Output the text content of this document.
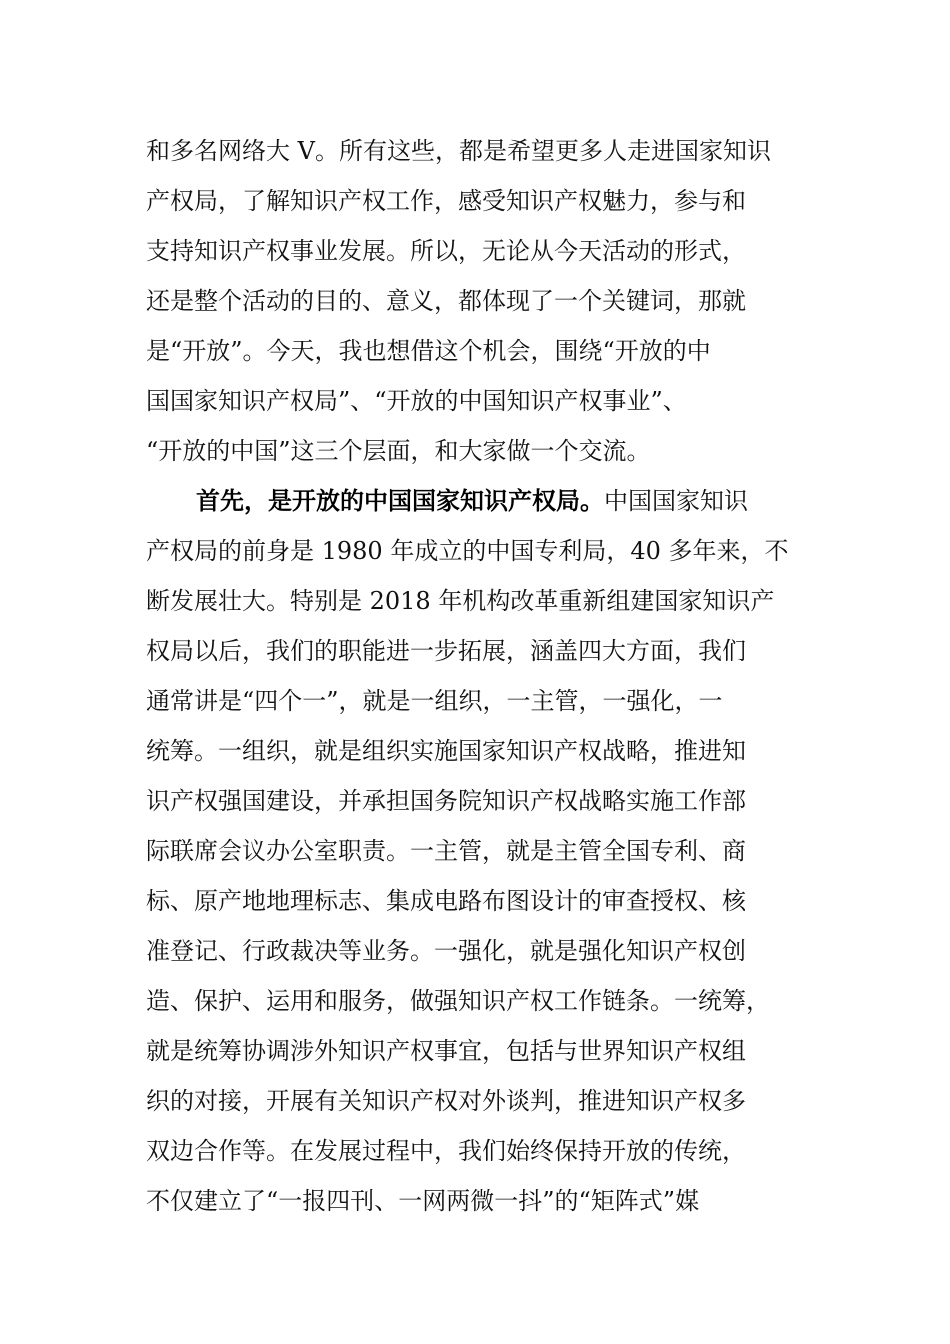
和多名网络大 V。所有这些，都是希望更多人走进国家知识
产权局，了解知识产权工作，感受知识产权魅力，参与和
支持知识产权事业发展。所以，无论从今天活动的形式，
还是整个活动的目的、意义，都体现了一个关键词，那就
是“开放”。今天，我也想借这个机会，围绕“开放的中
国国家知识产权局”、“开放的中国知识产权事业”、
“开放的中国”这三个层面，和大家做一个交流。
首先，是开放的中国国家知识产权局。中国国家知识
产权局的前身是 1980 年成立的中国专利局，40 多年来，不
断发展壮大。特别是 2018 年机构改革重新组建国家知识产
权局以后，我们的职能进一步拓展，涵盖四大方面，我们
通常讲是“四个一”，就是一组织，一主管，一强化，一
统筹。一组织，就是组织实施国家知识产权战略，推进知
识产权强国建设，并承担国务院知识产权战略实施工作部
际联席会议办公室职责。一主管，就是主管全国专利、商
标、原产地地理标志、集成电路布图设计的审查授权、核
准登记、行政裁决等业务。一强化，就是强化知识产权创
造、保护、运用和服务，做强知识产权工作链条。一统筹，
就是统筹协调涉外知识产权事宜，包括与世界知识产权组
织的对接，开展有关知识产权对外谈判，推进知识产权多
双边合作等。在发展过程中，我们始终保持开放的传统，
不仅建立了“一报四刊、一网两微一抖”的“矩阵式”媒
